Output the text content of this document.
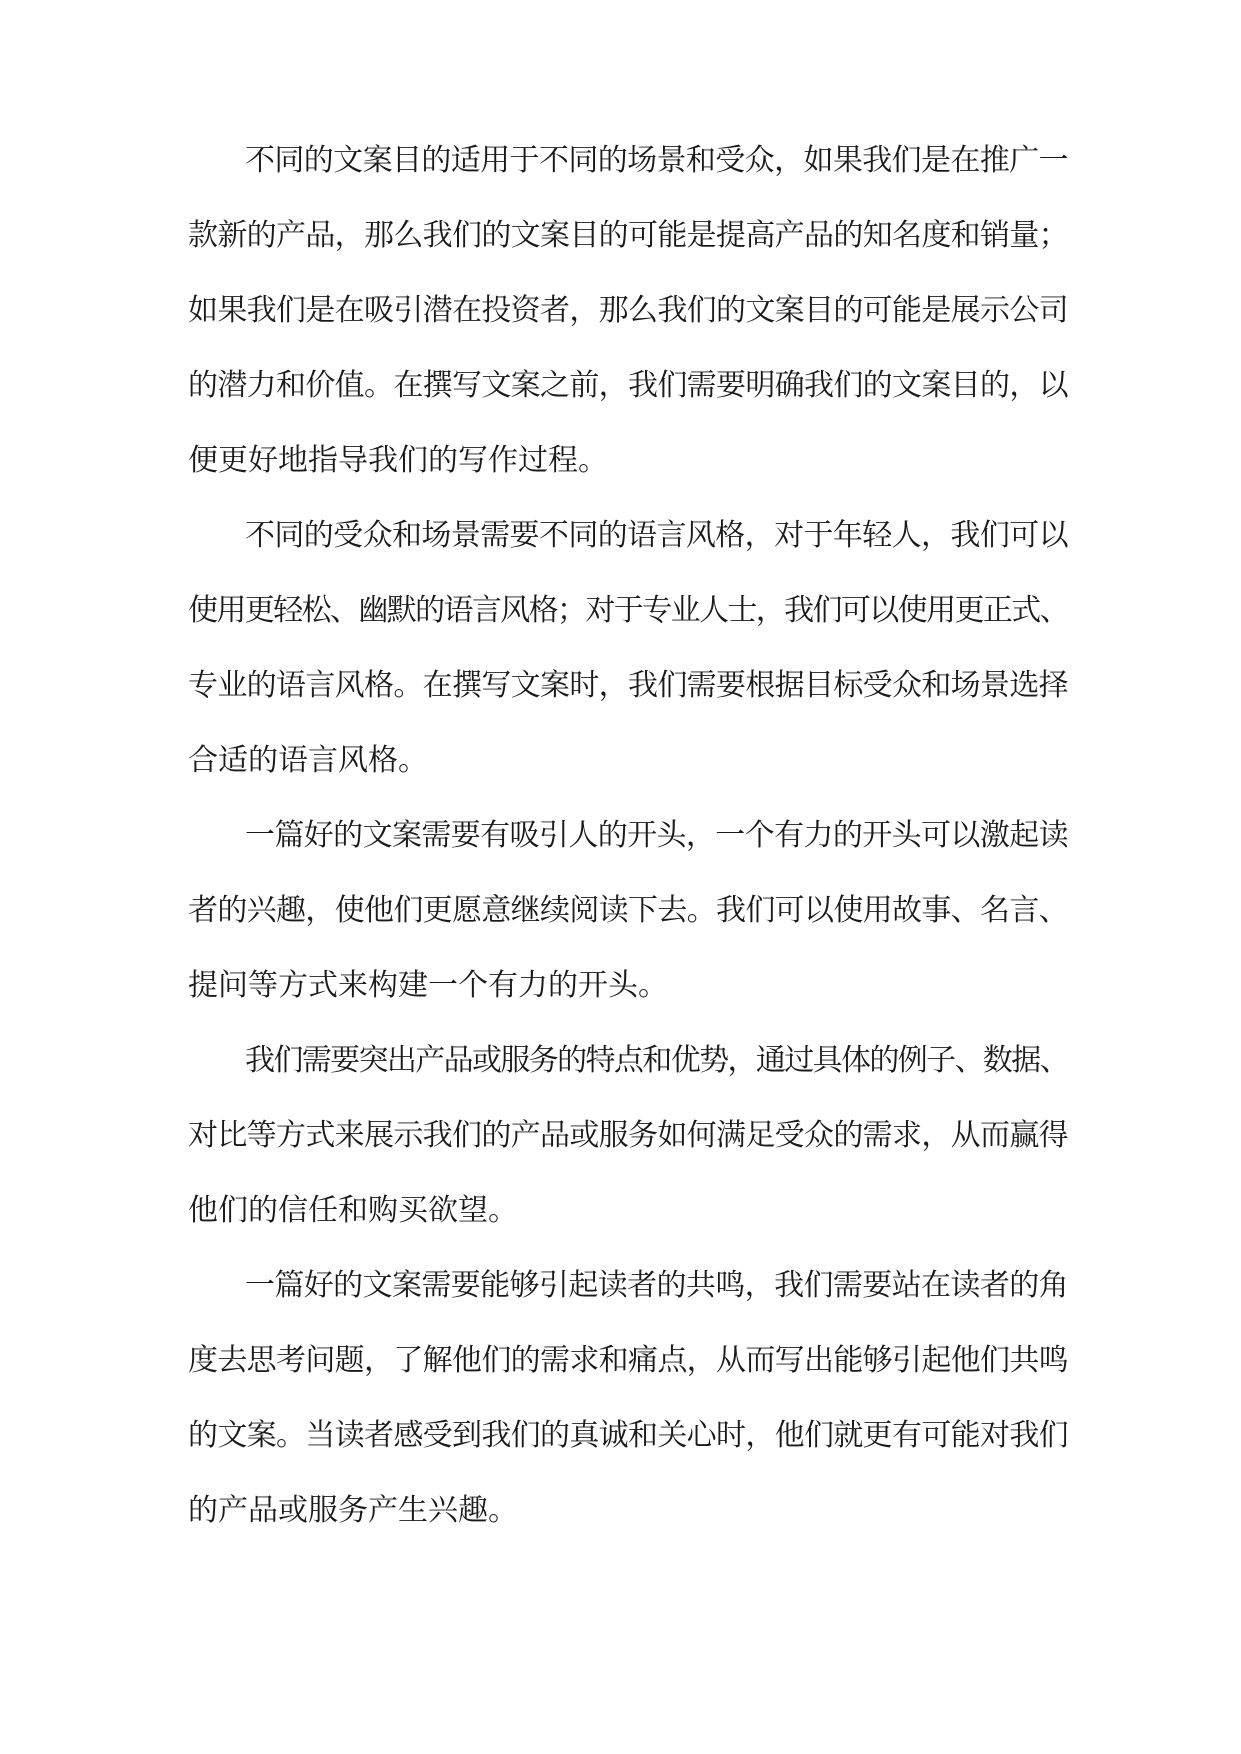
不同的文案目的适用于不同的场景和受众，如果我们是在推广一
款新的产品，那么我们的文案目的可能是提高产品的知名度和销量；
如果我们是在吸引潜在投资者，那么我们的文案目的可能是展示公司
的潜力和价值。在撰写文案之前，我们需要明确我们的文案目的，以
便更好地指导我们的写作过程。
不同的受众和场景需要不同的语言风格，对于年轻人，我们可以
使用更轻松、幽默的语言风格；对于专业人士，我们可以使用更正式、
专业的语言风格。在撰写文案时，我们需要根据目标受众和场景选择
合适的语言风格。
一篇好的文案需要有吸引人的开头，一个有力的开头可以激起读
者的兴趣，使他们更愿意继续阅读下去。我们可以使用故事、名言、
提问等方式来构建一个有力的开头。
我们需要突出产品或服务的特点和优势，通过具体的例子、数据、
对比等方式来展示我们的产品或服务如何满足受众的需求，从而赢得
他们的信任和购买欲望。
一篇好的文案需要能够引起读者的共鸣，我们需要站在读者的角
度去思考问题，了解他们的需求和痛点，从而写出能够引起他们共鸣
的文案。当读者感受到我们的真诚和关心时，他们就更有可能对我们
的产品或服务产生兴趣。
